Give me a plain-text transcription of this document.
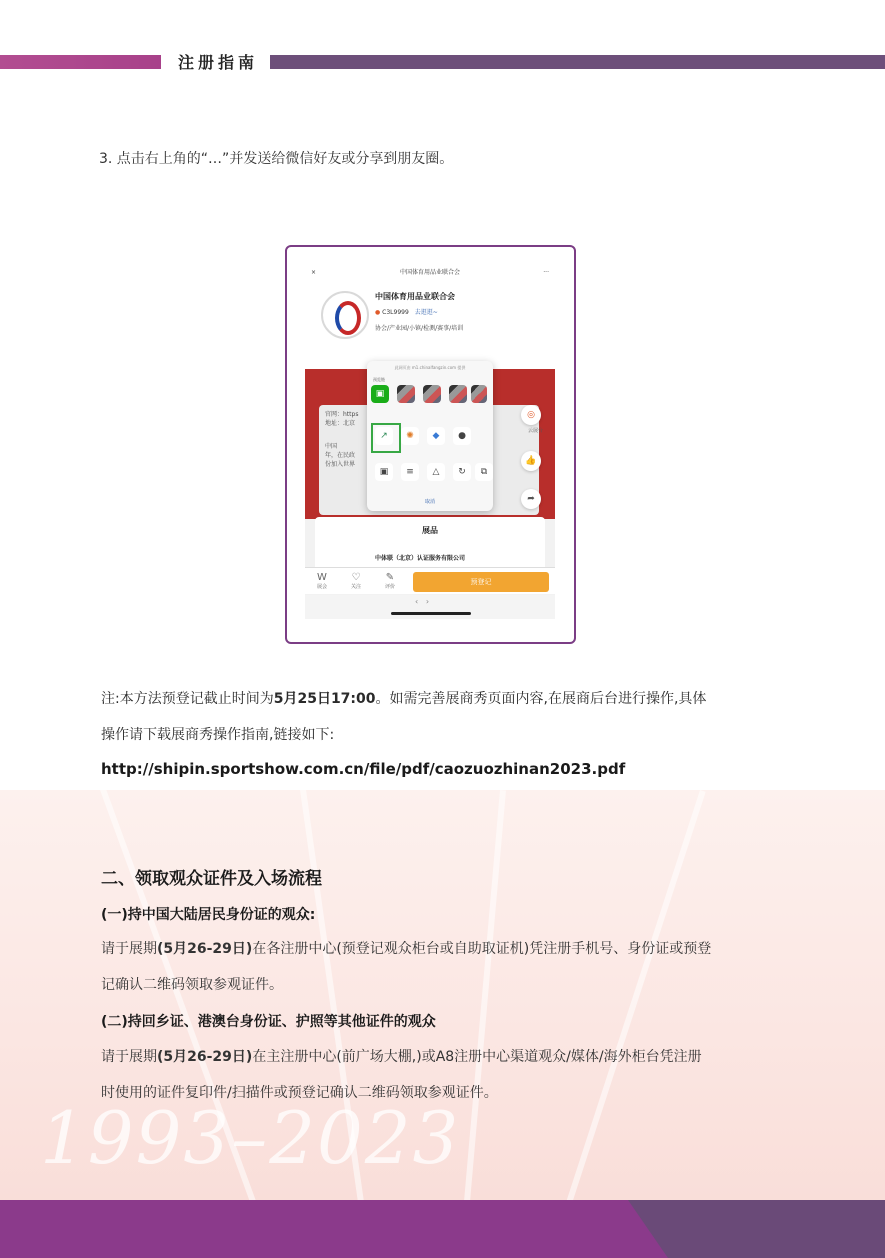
1993–2023
注册指南
3. 点击右上角的“…”并发送给微信好友或分享到朋友圈。
×	中国体育用品业联合会	···
中国体育用品业联合会
● C3L9999 去逛逛~
协会/产业园/小镇/检测/赛事/培训
官网：https
地址：北京
中国
年，在民政
份加入世界
此网页由 m1.chinalfangzin.com 提供
预览链
▣
↗	✺	◆	●
▣	≡	△	↻	⧉
取消
◎
云展台
👍
➦
展品
中体联（北京）认证服务有限公司
W
展会
♡
关注
✎
评价
预登记
‹   ›
注:本方法预登记截止时间为5月25日17:00。如需完善展商秀页面内容,在展商后台进行操作,具体
操作请下载展商秀操作指南,链接如下:
http://shipin.sportshow.com.cn/file/pdf/caozuozhinan2023.pdf
二、领取观众证件及入场流程
(一)持中国大陆居民身份证的观众:
请于展期(5月26-29日)在各注册中心(预登记观众柜台或自助取证机)凭注册手机号、身份证或预登
记确认二维码领取参观证件。
(二)持回乡证、港澳台身份证、护照等其他证件的观众
请于展期(5月26-29日)在主注册中心(前广场大棚,)或A8注册中心渠道观众/媒体/海外柜台凭注册
时使用的证件复印件/扫描件或预登记确认二维码领取参观证件。
